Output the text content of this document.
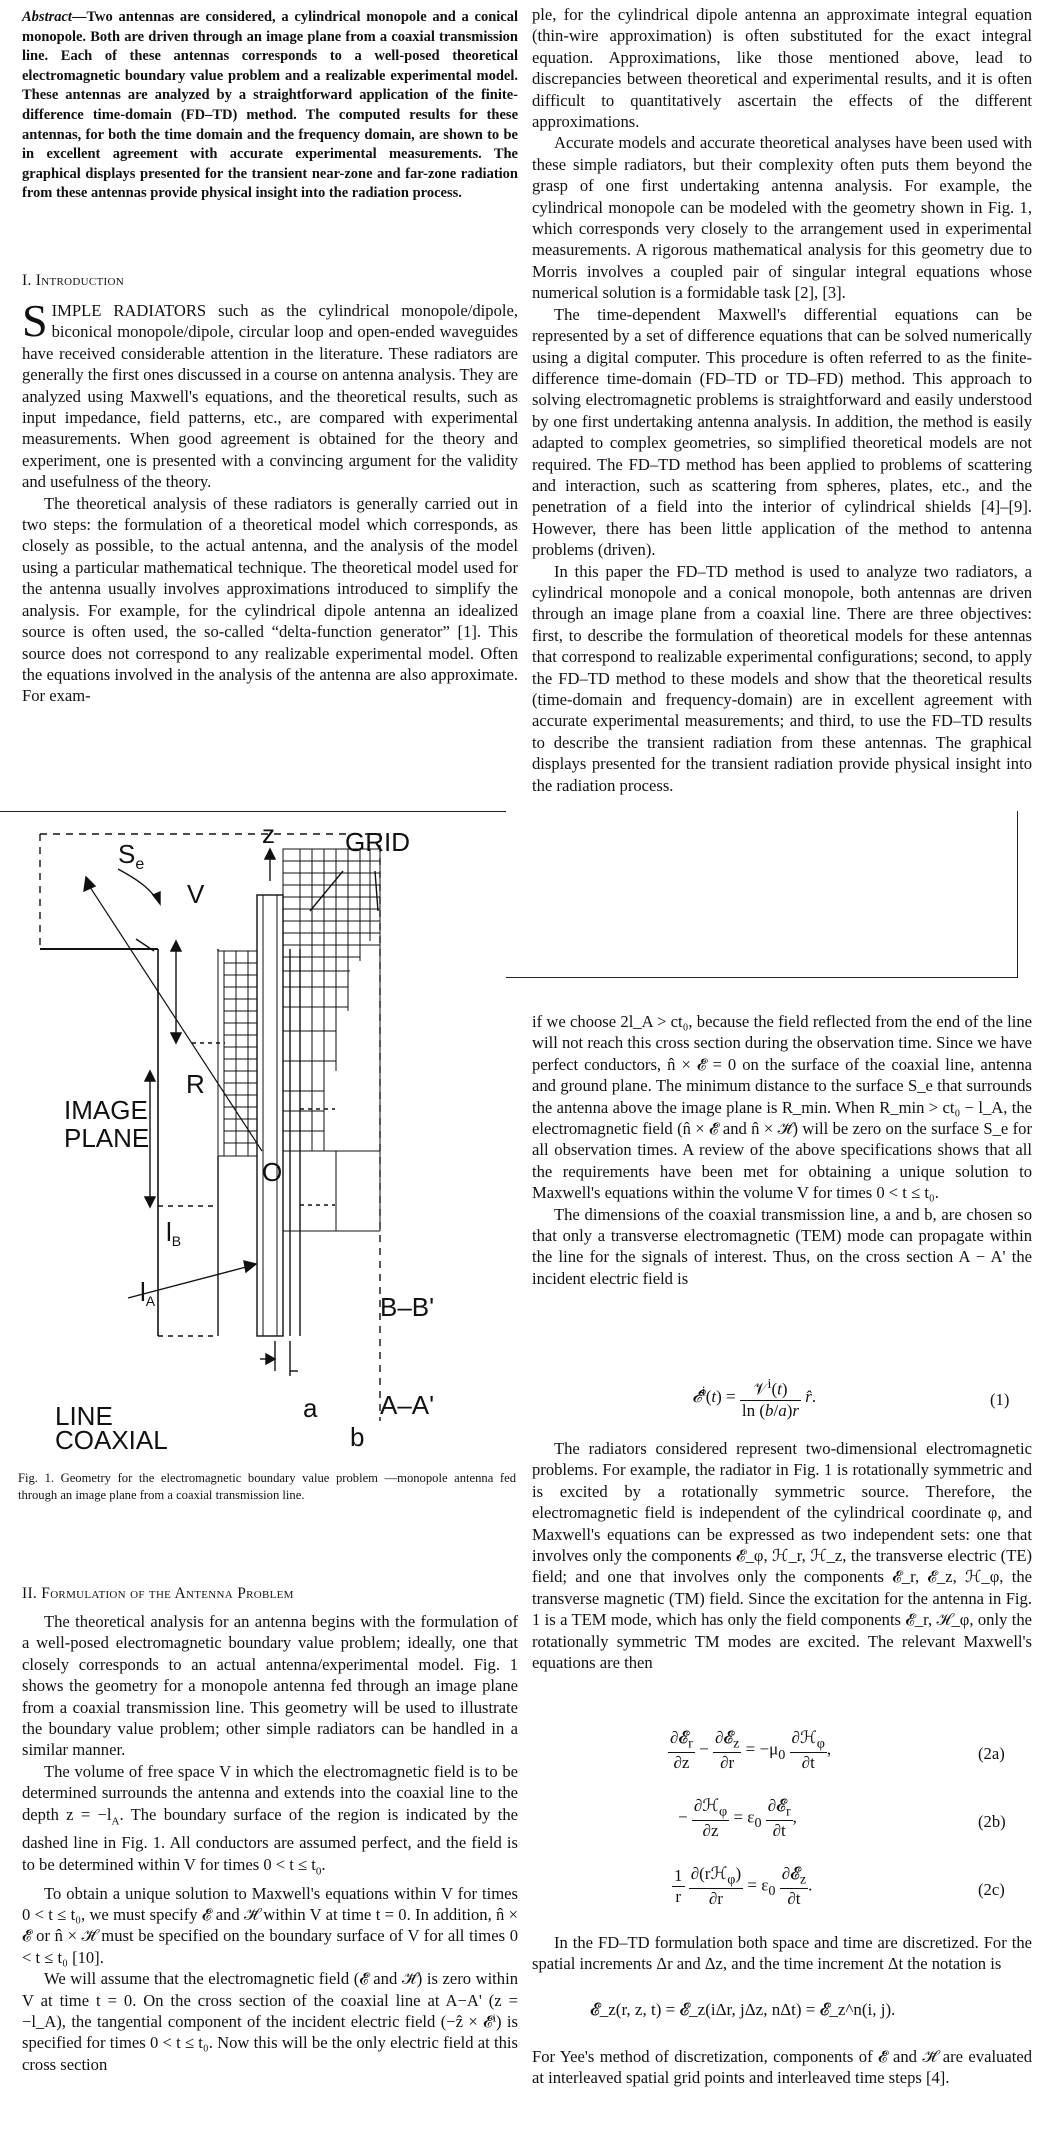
Abstract—Two antennas are considered, a cylindrical monopole and a conical monopole. Both are driven through an image plane from a coaxial transmission line. Each of these antennas corresponds to a well-posed theoretical electromagnetic boundary value problem and a realizable experimental model. These antennas are analyzed by a straightforward application of the finite-difference time-domain (FD–TD) method. The computed results for these antennas, for both the time domain and the frequency domain, are shown to be in excellent agreement with accurate experimental measurements. The graphical displays presented for the transient near-zone and far-zone radiation from these antennas provide physical insight into the radiation process.

I. Introduction

SIMPLE RADIATORS such as the cylindrical monopole/dipole, biconical monopole/dipole, circular loop and open-ended waveguides have received considerable attention in the literature. These radiators are generally the first ones discussed in a course on antenna analysis. They are analyzed using Maxwell's equations, and the theoretical results, such as input impedance, field patterns, etc., are compared with experimental measurements. When good agreement is obtained for the theory and experiment, one is presented with a convincing argument for the validity and usefulness of the theory.

The theoretical analysis of these radiators is generally carried out in two steps: the formulation of a theoretical model which corresponds, as closely as possible, to the actual antenna, and the analysis of the model using a particular mathematical technique. The theoretical model used for the antenna usually involves approximations introduced to simplify the analysis. For example, for the cylindrical dipole antenna an idealized source is often used, the so-called “delta-function generator” [1]. This source does not correspond to any realizable experimental model. Often the equations involved in the analysis of the antenna are also approximate. For exam-

$S_e$
z	GRID
V
R
IMAGE
PLANE
O
lB
lA	B–B'
A–A'
COAXIAL
LINE	a
b
Fig. 1. Geometry for the electromagnetic boundary value problem —monopole antenna fed through an image plane from a coaxial transmission line.
II. Formulation of the Antenna Problem

The theoretical analysis for an antenna begins with the formulation of a well-posed electromagnetic boundary value problem; ideally, one that closely corresponds to an actual antenna/experimental model. Fig. 1 shows the geometry for a monopole antenna fed through an image plane from a coaxial transmission line. This geometry will be used to illustrate the boundary value problem; other simple radiators can be handled in a similar manner.

The volume of free space V in which the electromagnetic field is to be determined surrounds the antenna and extends into the coaxial line to the depth $z = -l_A$. The boundary surface of the region is indicated by the dashed line in Fig. 1. All conductors are assumed perfect, and the field is to be determined within V for times $0 < t \le t_0$.

To obtain a unique solution to Maxwell's equations within V for times 0 < t ≤ t₀, we must specify 𝓔̄ and ℋ̄ within V at time t = 0. In addition, n̂ × 𝓔̄ or n̂ × ℋ̄ must be specified on the boundary surface of V for all times 0 < t ≤ t₀ [10].

We will assume that the electromagnetic field (𝓔̄ and ℋ̄) is zero within V at time t = 0. On the cross section of the coaxial line at A−A' (z = −l_A), the tangential component of the incident electric field (−ẑ × 𝓔̄ⁱ) is specified for times 0 < t ≤ t₀. Now this will be the only electric field at this cross section

ple, for the cylindrical dipole antenna an approximate integral equation (thin-wire approximation) is often substituted for the exact integral equation. Approximations, like those mentioned above, lead to discrepancies between theoretical and experimental results, and it is often difficult to quantitatively ascertain the effects of the different approximations.

Accurate models and accurate theoretical analyses have been used with these simple radiators, but their complexity often puts them beyond the grasp of one first undertaking antenna analysis. For example, the cylindrical monopole can be modeled with the geometry shown in Fig. 1, which corresponds very closely to the arrangement used in experimental measurements. A rigorous mathematical analysis for this geometry due to Morris involves a coupled pair of singular integral equations whose numerical solution is a formidable task [2], [3].

The time-dependent Maxwell's differential equations can be represented by a set of difference equations that can be solved numerically using a digital computer. This procedure is often referred to as the finite-difference time-domain (FD–TD or TD–FD) method. This approach to solving electromagnetic problems is straightforward and easily understood by one first undertaking antenna analysis. In addition, the method is easily adapted to complex geometries, so simplified theoretical models are not required. The FD–TD method has been applied to problems of scattering and interaction, such as scattering from spheres, plates, etc., and the penetration of a field into the interior of cylindrical shields [4]–[9]. However, there has been little application of the method to antenna problems (driven).

In this paper the FD–TD method is used to analyze two radiators, a cylindrical monopole and a conical monopole, both antennas are driven through an image plane from a coaxial line. There are three objectives: first, to describe the formulation of theoretical models for these antennas that correspond to realizable experimental configurations; second, to apply the FD–TD method to these models and show that the theoretical results (time-domain and frequency-domain) are in excellent agreement with accurate experimental measurements; and third, to use the FD–TD results to describe the transient radiation from these antennas. The graphical displays presented for the transient radiation provide physical insight into the radiation process.

if we choose 2l_A > ct₀, because the field reflected from the end of the line will not reach this cross section during the observation time. Since we have perfect conductors, n̂ × 𝓔̄ = 0 on the surface of the coaxial line, antenna and ground plane. The minimum distance to the surface S_e that surrounds the antenna above the image plane is R_min. When R_min > ct₀ − l_A, the electromagnetic field (n̂ × 𝓔̄ and n̂ × ℋ̄) will be zero on the surface S_e for all observation times. A review of the above specifications shows that all the requirements have been met for obtaining a unique solution to Maxwell's equations within the volume V for times 0 < t ≤ t₀.

The dimensions of the coaxial transmission line, a and b, are chosen so that only a transverse electromagnetic (TEM) mode can propagate within the line for the signals of interest. Thus, on the cross section A − A' the incident electric field is

𝓔̄$^i$(t) = $\frac{𝒱^i(t)}{\ln (b/a)r}$ r̂.	(1)

The radiators considered represent two-dimensional electromagnetic problems. For example, the radiator in Fig. 1 is rotationally symmetric and is excited by a rotationally symmetric source. Therefore, the electromagnetic field is independent of the cylindrical coordinate φ, and Maxwell's equations can be expressed as two independent sets: one that involves only the components 𝓔_φ, ℋ_r, ℋ_z, the transverse electric (TE) field; and one that involves only the components 𝓔_r, 𝓔_z, ℋ_φ, the transverse magnetic (TM) field. Since the excitation for the antenna in Fig. 1 is a TEM mode, which has only the field components 𝓔_r, ℋ_φ, only the rotationally symmetric TM modes are excited. The relevant Maxwell's equations are then

$\frac{\partial 𝓔_r}{\partial z} - \frac{\partial 𝓔_z}{\partial r} = -\mu_0 \frac{\partial ℋ_\varphi}{\partial t}$ ,	(2a)
− $\frac{\partial ℋ_\varphi}{\partial z} = \varepsilon_0 \frac{\partial 𝓔_r}{\partial t}$ ,	(2b)
$\frac{1}{r}$
$\frac{\partial(rℋ_\varphi)}{\partial r} = \varepsilon_0 \frac{\partial 𝓔_z}{\partial t}$ .	(2c)

In the FD–TD formulation both space and time are discretized. For the spatial increments Δr and Δz, and the time increment Δt the notation is

𝓔_z(r, z, t) = 𝓔_z(iΔr, jΔz, nΔt) = 𝓔_z^n(i, j).

For Yee's method of discretization, components of 𝓔̄ and ℋ̄ are evaluated at interleaved spatial grid points and interleaved time steps [4].
